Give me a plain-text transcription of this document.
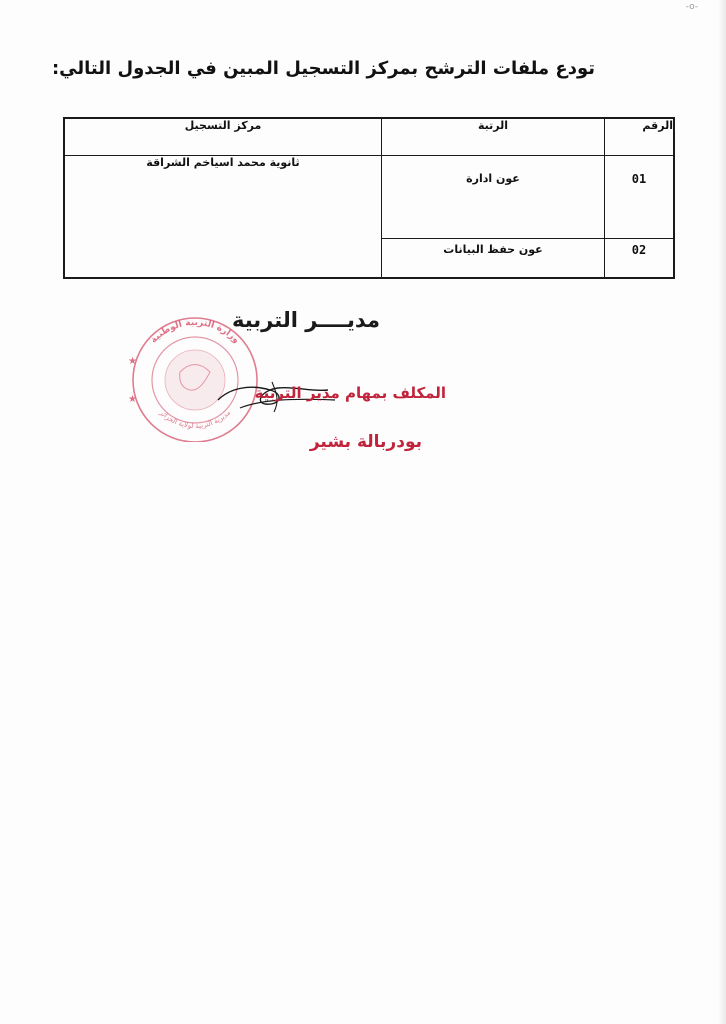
-o-
تودع ملفات الترشح بمركز التسجيل المبين في الجدول التالي:
الرقم	الرتبة	مركز التسجيل
01	عون ادارة	ثانوية محمد اسياخم الشراقة
02	عون حفظ البيانات	
مديــــر التربية
وزارة التربية الوطنية
مديرية التربية لولاية الجزائر
★
★	المكلف بمهام مدير التربية
بودربالة بشير
